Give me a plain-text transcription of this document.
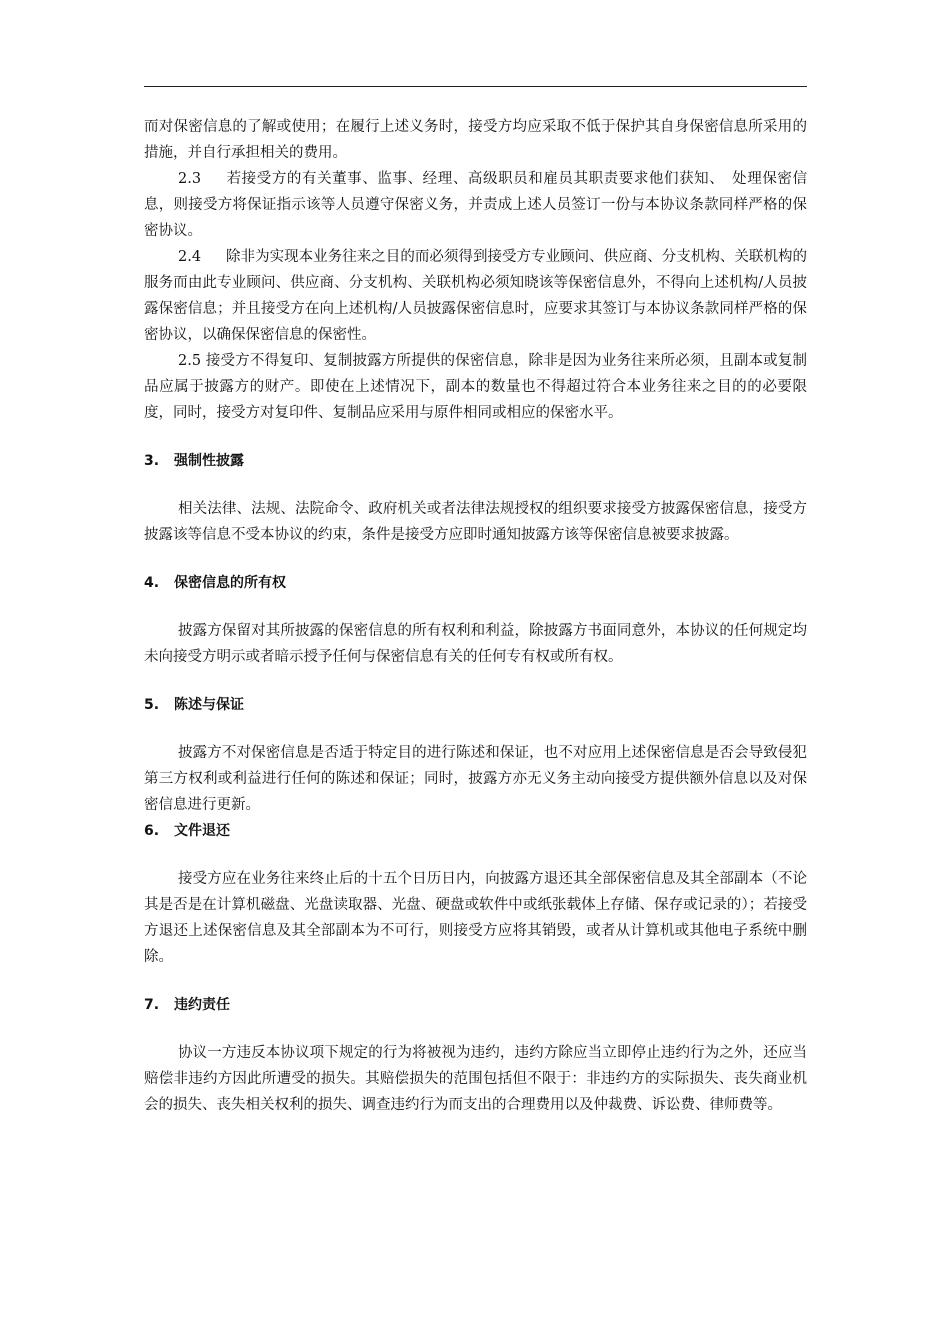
而对保密信息的了解或使用；在履行上述义务时，接受方均应采取不低于保护其自身保密信息所采用的措施，并自行承担相关的费用。

2.3 若接受方的有关董事、监事、经理、高级职员和雇员其职责要求他们获知、　处理保密信息，则接受方将保证指示该等人员遵守保密义务，并责成上述人员签订一份与本协议条款同样严格的保密协议。

2.4 除非为实现本业务往来之目的而必须得到接受方专业顾问、供应商、分支机构、关联机构的服务而由此专业顾问、供应商、分支机构、关联机构必须知晓该等保密信息外，不得向上述机构/人员披露保密信息；并且接受方在向上述机构/人员披露保密信息时，应要求其签订与本协议条款同样严格的保密协议，以确保保密信息的保密性。

2.5 接受方不得复印、复制披露方所提供的保密信息，除非是因为业务往来所必须，且副本或复制品应属于披露方的财产。即使在上述情况下，副本的数量也不得超过符合本业务往来之目的的必要限度，同时，接受方对复印件、复制品应采用与原件相同或相应的保密水平。

3. 强制性披露

相关法律、法规、法院命令、政府机关或者法律法规授权的组织要求接受方披露保密信息，接受方披露该等信息不受本协议的约束，条件是接受方应即时通知披露方该等保密信息被要求披露。

4. 保密信息的所有权

披露方保留对其所披露的保密信息的所有权利和利益，除披露方书面同意外，本协议的任何规定均未向接受方明示或者暗示授予任何与保密信息有关的任何专有权或所有权。

5. 陈述与保证

披露方不对保密信息是否适于特定目的进行陈述和保证，也不对应用上述保密信息是否会导致侵犯第三方权利或利益进行任何的陈述和保证；同时，披露方亦无义务主动向接受方提供额外信息以及对保密信息进行更新。

6. 文件退还

接受方应在业务往来终止后的十五个日历日内，向披露方退还其全部保密信息及其全部副本（不论其是否是在计算机磁盘、光盘读取器、光盘、硬盘或软件中或纸张载体上存储、保存或记录的）；若接受方退还上述保密信息及其全部副本为不可行，则接受方应将其销毁，或者从计算机或其他电子系统中删除。

7. 违约责任

协议一方违反本协议项下规定的行为将被视为违约，违约方除应当立即停止违约行为之外，还应当赔偿非违约方因此所遭受的损失。其赔偿损失的范围包括但不限于：非违约方的实际损失、丧失商业机会的损失、丧失相关权利的损失、调查违约行为而支出的合理费用以及仲裁费、诉讼费、律师费等。
